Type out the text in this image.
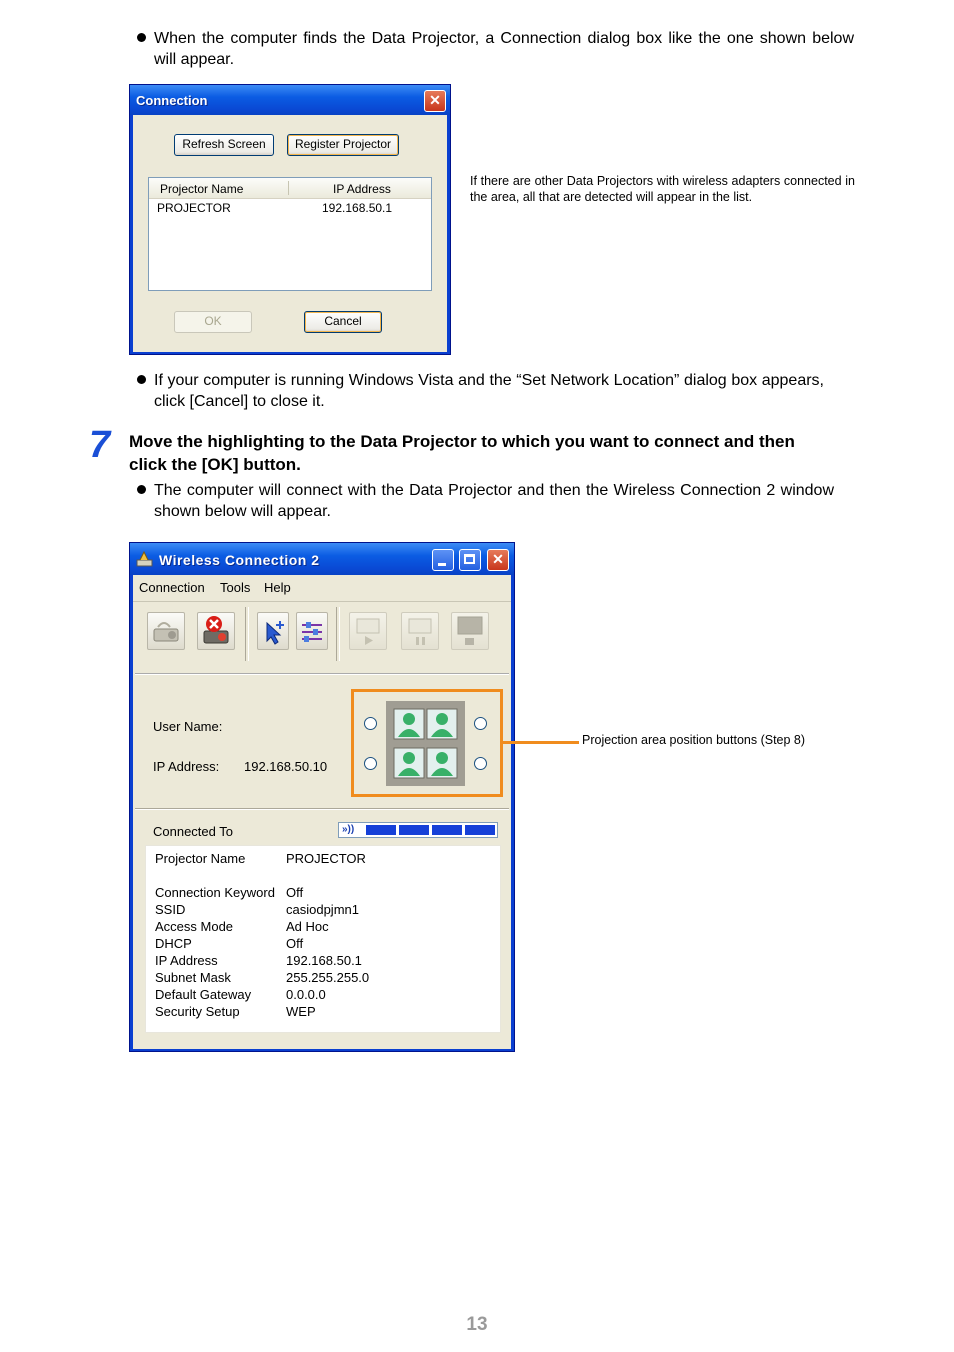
When the computer finds the Data Projector, a Connection dialog box like the one shown below will appear.
Connection	✕
Refresh Screen	Register Projector
Projector Name	IP Address
PROJECTOR	192.168.50.1
OK	Cancel
If there are other Data Projectors with wireless adapters connected in the area, all that are detected will appear in the list.
If your computer is running Windows Vista and the “Set Network Location” dialog box appears, click [Cancel] to close it.
7 Move the highlighting to the Data Projector to which you want to connect and then click the [OK] button.
The computer will connect with the Data Projector and then the Wireless Connection 2 window shown below will appear.
Wireless Connection 2	✕
Connection Tools Help
User Name:
IP Address: 192.168.50.10
Connected To	»))
Projector Name	PROJECTOR
Connection Keyword Off
SSID	casiodpjmn1
Access Mode	Ad Hoc
DHCP	Off
IP Address	192.168.50.1
Subnet Mask	255.255.255.0
Default Gateway	0.0.0.0
Security Setup	WEP
Projection area position buttons (Step 8)
13
